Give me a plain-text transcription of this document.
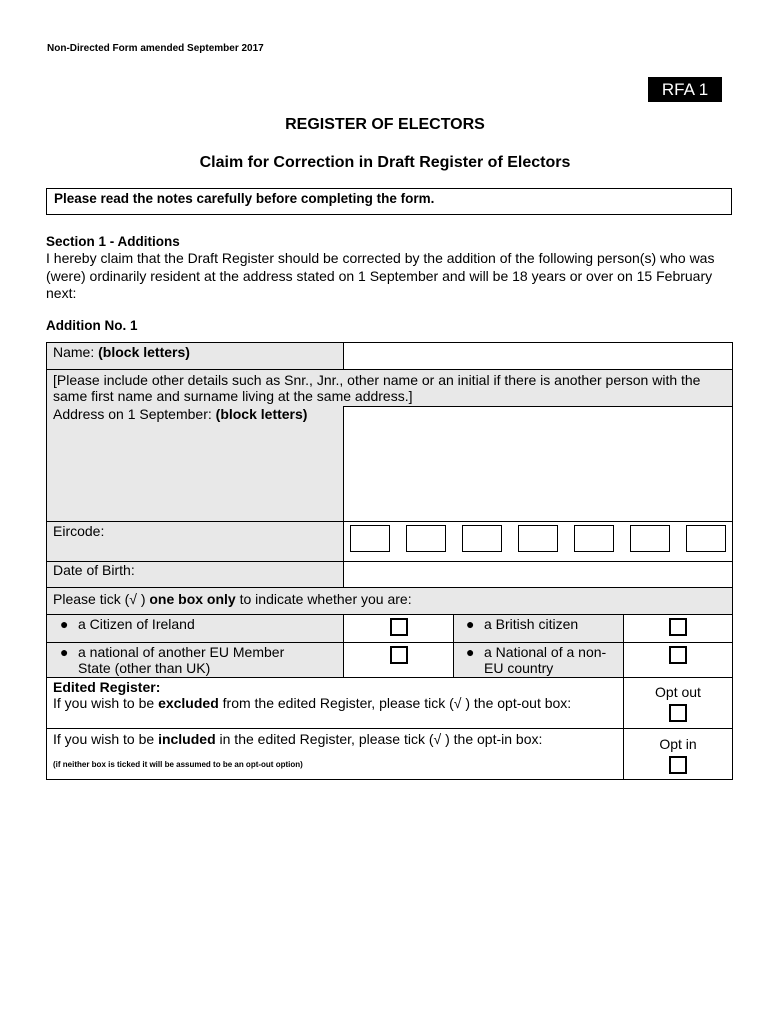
Non-Directed Form amended September 2017
RFA 1
REGISTER OF ELECTORS
Claim for Correction in Draft Register of Electors
Please read the notes carefully before completing the form.
Section 1 - Additions
I hereby claim that the Draft Register should be corrected by the addition of the following person(s) who was (were) ordinarily resident at the address stated on 1 September and will be 18 years or over on 15 February next:
Addition No. 1
Name: (block letters)
[Please include other details such as Snr., Jnr., other name or an initial if there is another person with the same first name and surname living at the same address.]
Address on 1 September: (block letters)
Eircode:
Date of Birth:
Please tick (√ ) one box only to indicate whether you are:
● a Citizen of Ireland	● a British citizen
● a national of another EU Member State (other than UK)
● a National of a non-EU country
Edited Register:
If you wish to be excluded from the edited Register, please tick (√ ) the opt-out box:
Opt out
If you wish to be included in the edited Register, please tick (√ ) the opt-in box:
(if neither box is ticked it will be assumed to be an opt-out option)
Opt in
